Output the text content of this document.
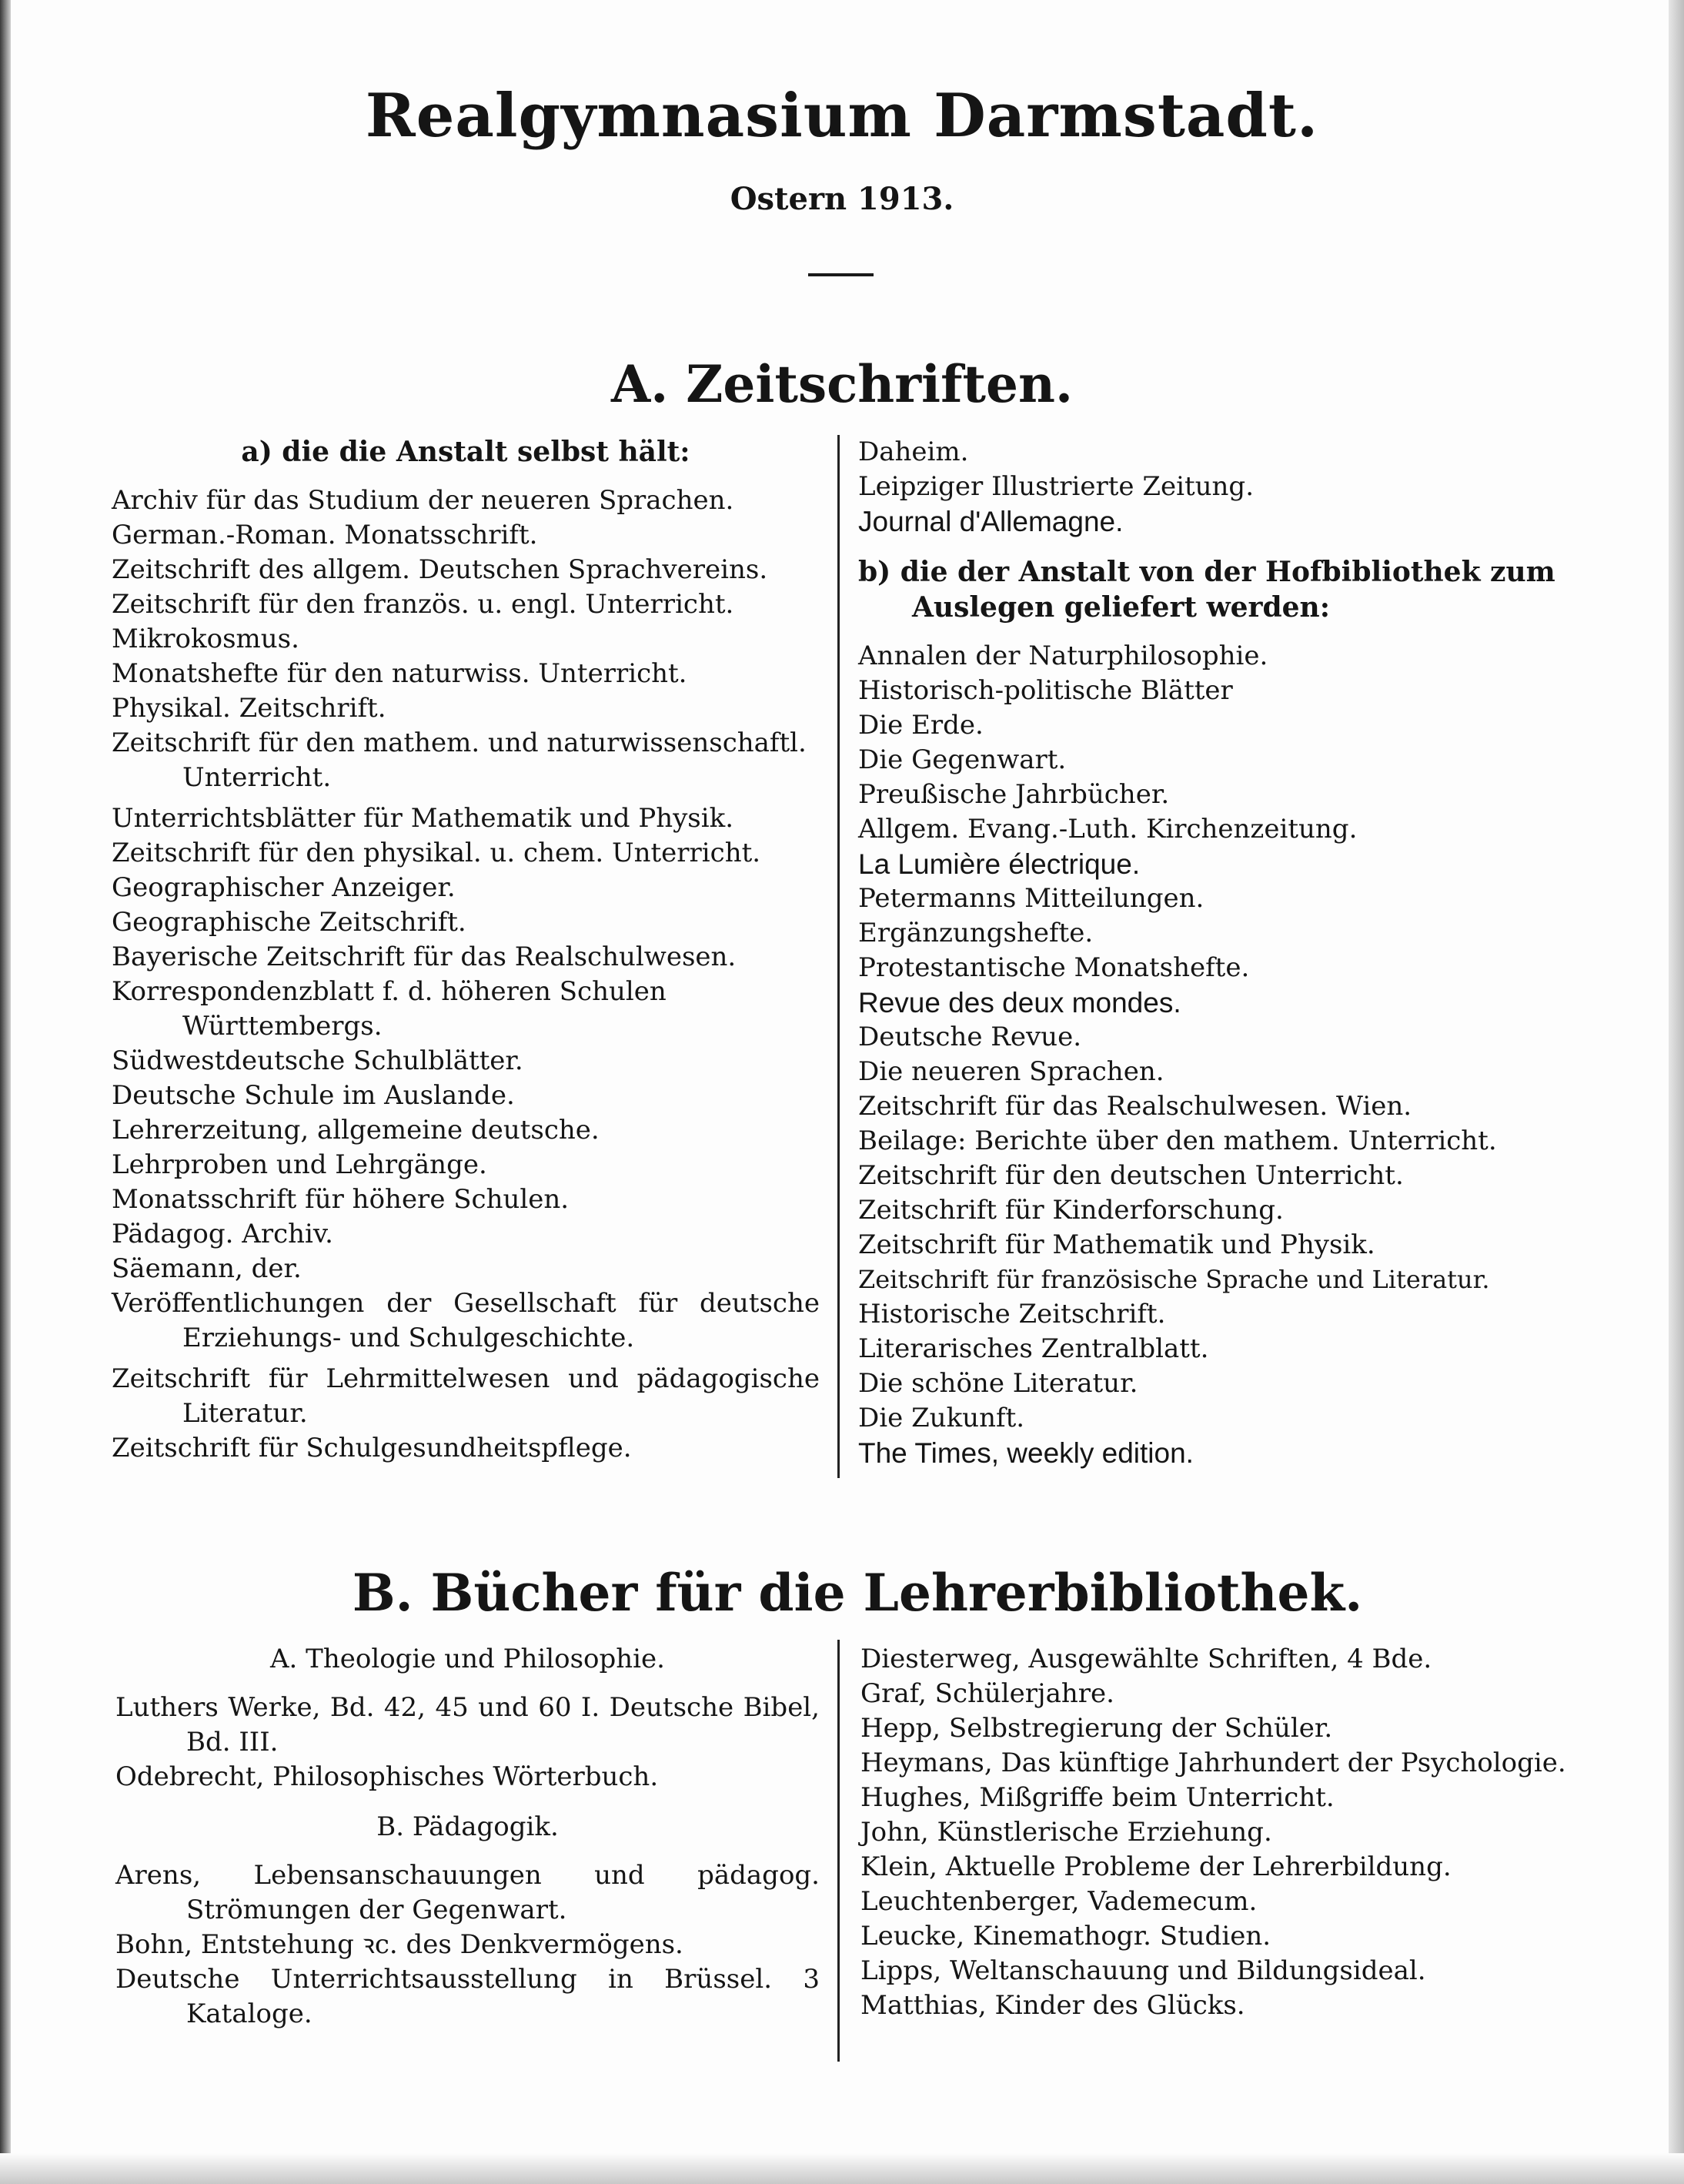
Realgymnasium Darmstadt.
Ostern 1913.
A. Zeitschriften.

a) die die Anstalt selbst hält:

Archiv für das Studium der neueren Sprachen.

German.-Roman. Monatsschrift.

Zeitschrift des allgem. Deutschen Sprachvereins.

Zeitschrift für den französ. u. engl. Unterricht.

Mikrokosmus.

Monatshefte für den naturwiss. Unterricht.

Physikal. Zeitschrift.

Zeitschrift für den mathem. und naturwissenschaftl. Unterricht.

Unterrichtsblätter für Mathematik und Physik.

Zeitschrift für den physikal. u. chem. Unterricht.

Geographischer Anzeiger.

Geographische Zeitschrift.

Bayerische Zeitschrift für das Realschulwesen.

Korrespondenzblatt f. d. höheren Schulen Württembergs.

Südwestdeutsche Schulblätter.

Deutsche Schule im Auslande.

Lehrerzeitung, allgemeine deutsche.

Lehrproben und Lehrgänge.

Monatsschrift für höhere Schulen.

Pädagog. Archiv.

Säemann, der.

Veröffentlichungen der Gesellschaft für deutsche Erziehungs- und Schulgeschichte.

Zeitschrift für Lehrmittelwesen und pädagogische Literatur.

Zeitschrift für Schulgesundheitspflege.

Daheim.

Leipziger Illustrierte Zeitung.

Journal d'Allemagne.

b) die der Anstalt von der Hofbibliothek zum Auslegen geliefert werden:

Annalen der Naturphilosophie.

Historisch-politische Blätter

Die Erde.

Die Gegenwart.

Preußische Jahrbücher.

Allgem. Evang.-Luth. Kirchenzeitung.

La Lumière électrique.

Petermanns Mitteilungen.

Ergänzungshefte.

Protestantische Monatshefte.

Revue des deux mondes.

Deutsche Revue.

Die neueren Sprachen.

Zeitschrift für das Realschulwesen. Wien.

Beilage: Berichte über den mathem. Unterricht.

Zeitschrift für den deutschen Unterricht.

Zeitschrift für Kinderforschung.

Zeitschrift für Mathematik und Physik.

Zeitschrift für französische Sprache und Literatur.

Historische Zeitschrift.

Literarisches Zentralblatt.

Die schöne Literatur.

Die Zukunft.

The Times, weekly edition.

B. Bücher für die Lehrerbibliothek.

A. Theologie und Philosophie.

Luthers Werke, Bd. 42, 45 und 60 I. Deutsche Bibel, Bd. III.

Odebrecht, Philosophisches Wörterbuch.

B. Pädagogik.

Arens, Lebensanschauungen und pädagog. Strömungen der Gegenwart.

Bohn, Entstehung ꝛc. des Denkvermögens.

Deutsche Unterrichtsausstellung in Brüssel. 3 Kataloge.

Diesterweg, Ausgewählte Schriften, 4 Bde.

Graf, Schülerjahre.

Hepp, Selbstregierung der Schüler.

Heymans, Das künftige Jahrhundert der Psychologie.

Hughes, Mißgriffe beim Unterricht.

John, Künstlerische Erziehung.

Klein, Aktuelle Probleme der Lehrerbildung.

Leuchtenberger, Vademecum.

Leucke, Kinemathogr. Studien.

Lipps, Weltanschauung und Bildungsideal.

Matthias, Kinder des Glücks.
